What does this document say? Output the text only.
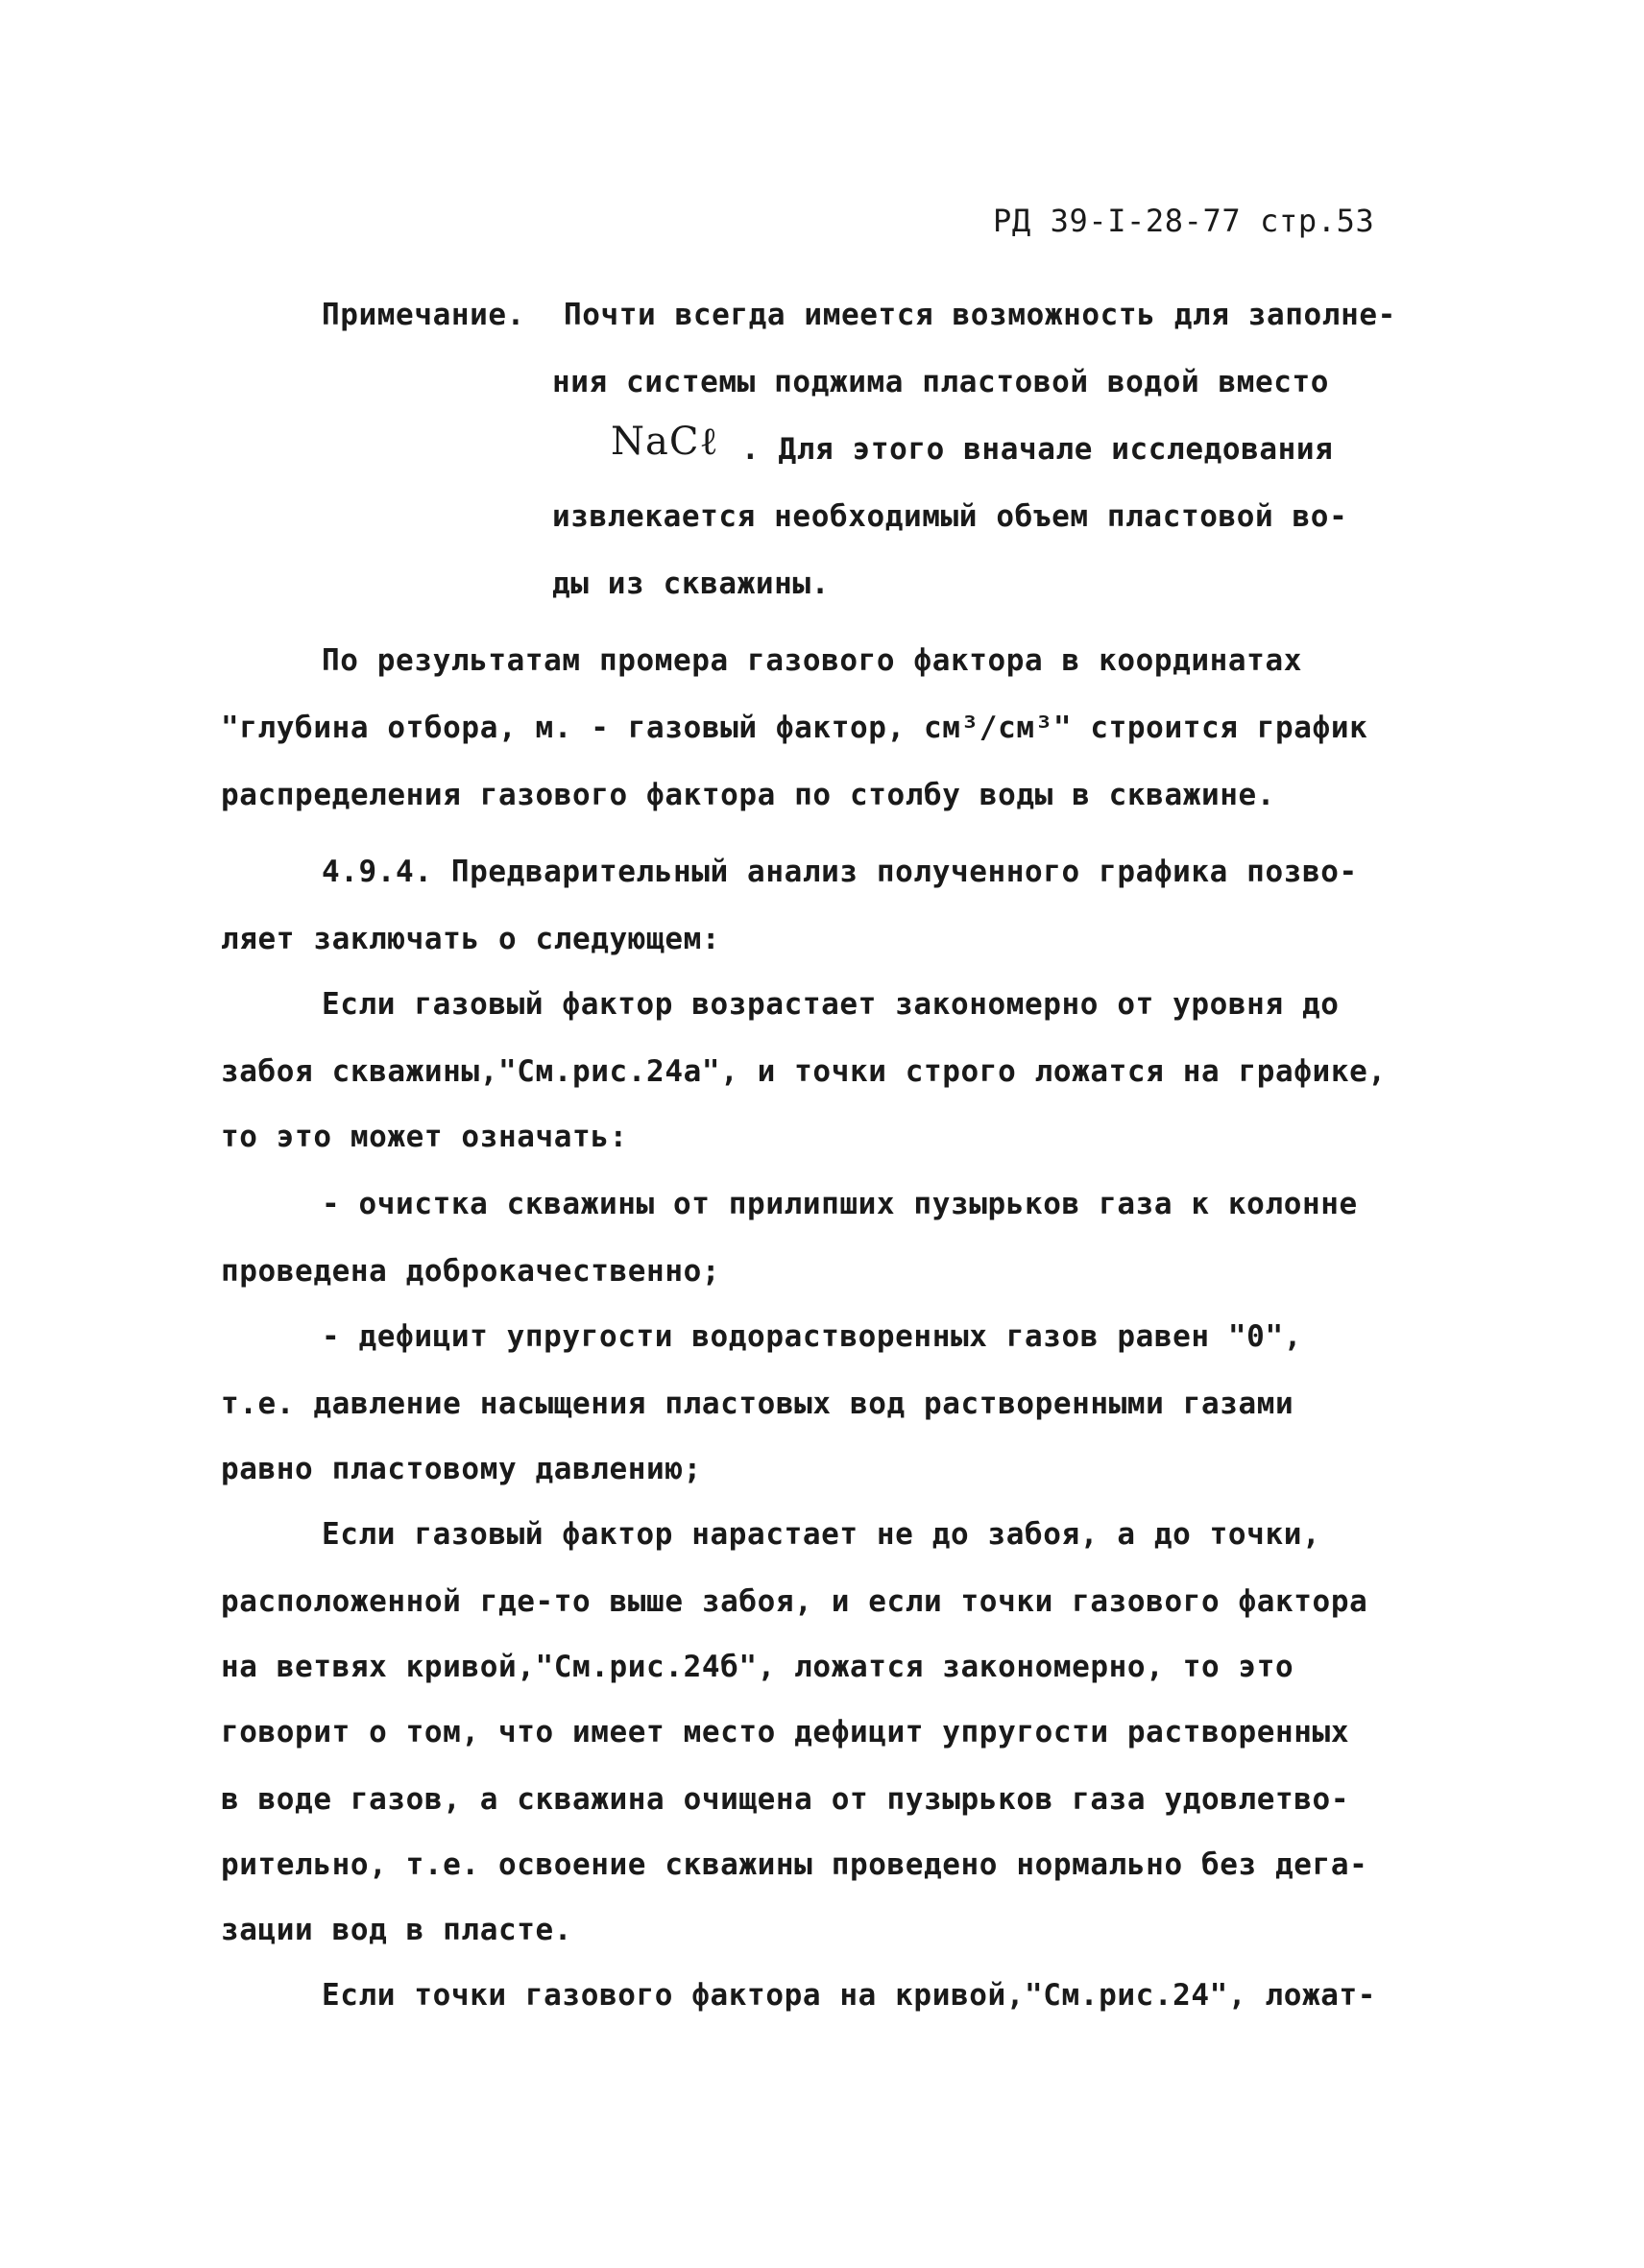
РД 39-I-28-77 стр.53
Примечание. Почти всегда имеется возможность для заполне-
ния системы поджима пластовой водой вместо
NaCℓ . Для этого вначале исследования
извлекается необходимый объем пластовой во-
ды из скважины.
По результатам промера газового фактора в координатах
"глубина отбора, м. - газовый фактор, см³/см³" строится график
распределения газового фактора по столбу воды в скважине.
4.9.4. Предварительный анализ полученного графика позво-
ляет заключать о следующем:
Если газовый фактор возрастает закономерно от уровня до
забоя скважины,"См.рис.24а", и точки строго ложатся на графике,
то это может означать:
- очистка скважины от прилипших пузырьков газа к колонне
проведена доброкачественно;
- дефицит упругости водорастворенных газов равен "0",
т.е. давление насыщения пластовых вод растворенными газами
равно пластовому давлению;
Если газовый фактор нарастает не до забоя, а до точки,
расположенной где-то выше забоя, и если точки газового фактора
на ветвях кривой,"См.рис.24б", ложатся закономерно, то это
говорит о том, что имеет место дефицит упругости растворенных
в воде газов, а скважина очищена от пузырьков газа удовлетво-
рительно, т.е. освоение скважины проведено нормально без дега-
зации вод в пласте.
Если точки газового фактора на кривой,"См.рис.24", ложат-
